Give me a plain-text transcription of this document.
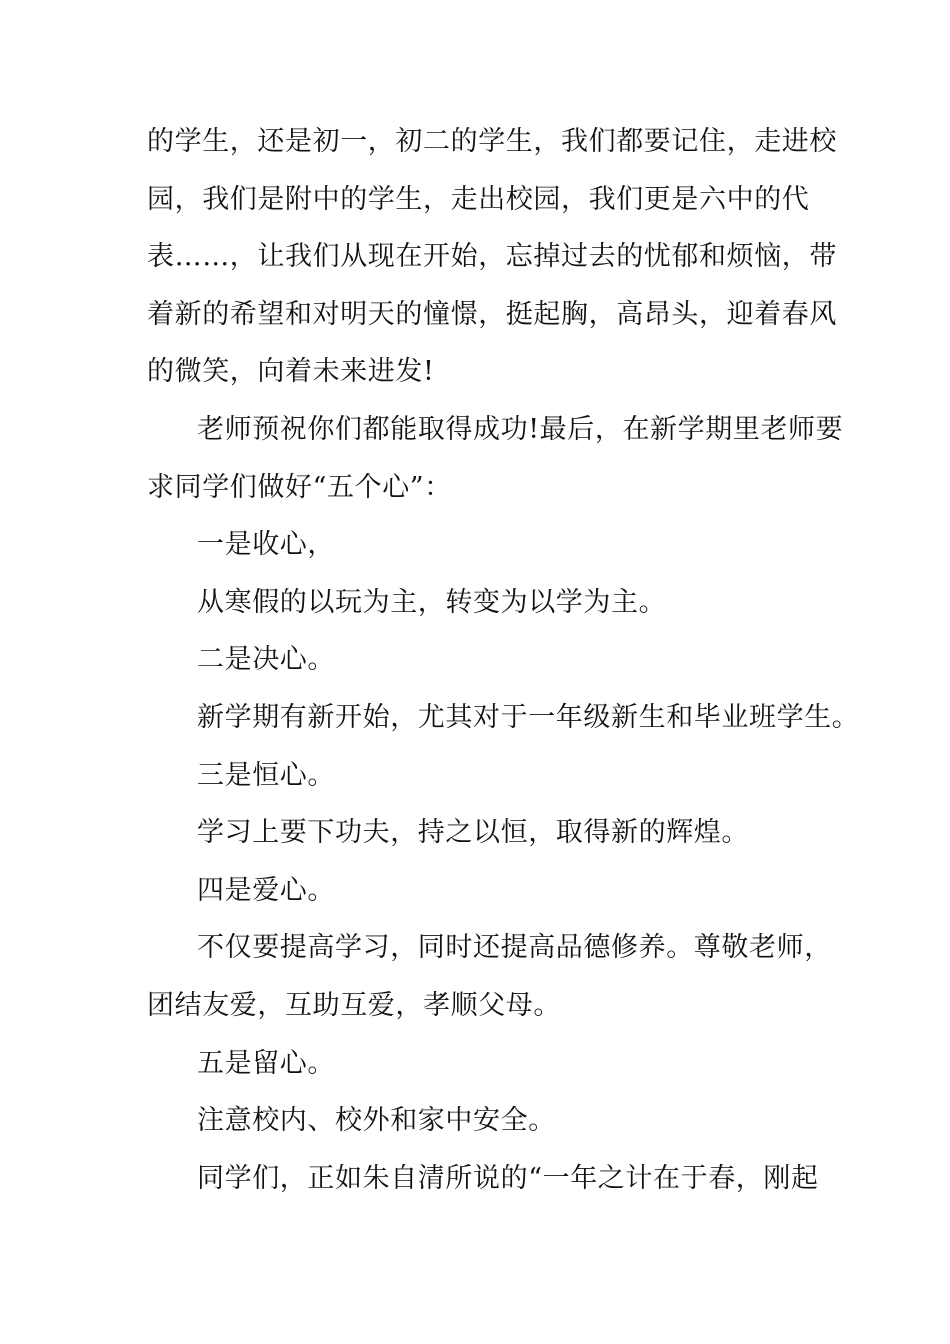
的学生，还是初一，初二的学生，我们都要记住，走进校
园，我们是附中的学生，走出校园，我们更是六中的代
表……，让我们从现在开始，忘掉过去的忧郁和烦恼，带
着新的希望和对明天的憧憬，挺起胸，高昂头，迎着春风
的微笑，向着未来进发!
老师预祝你们都能取得成功!最后，在新学期里老师要
求同学们做好“五个心”：
一是收心，
从寒假的以玩为主，转变为以学为主。
二是决心。
新学期有新开始，尤其对于一年级新生和毕业班学生。
三是恒心。
学习上要下功夫，持之以恒，取得新的辉煌。
四是爱心。
不仅要提高学习，同时还提高品德修养。尊敬老师，
团结友爱，互助互爱，孝顺父母。
五是留心。
注意校内、校外和家中安全。
同学们，正如朱自清所说的“一年之计在于春，刚起
